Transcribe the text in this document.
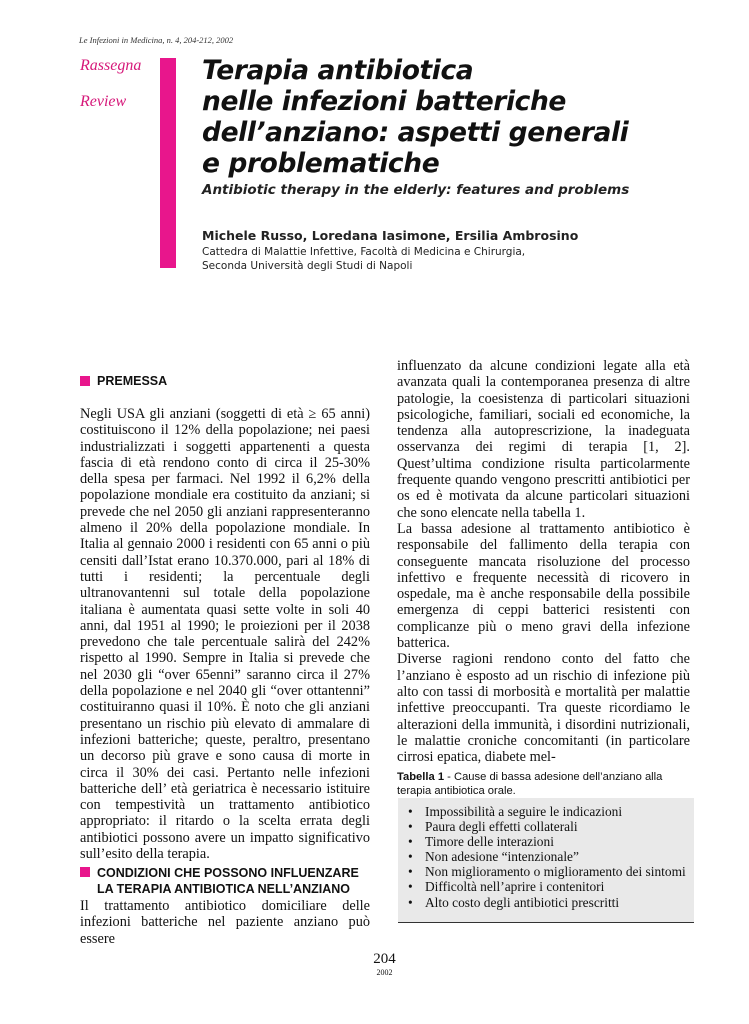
Le Infezioni in Medicina, n. 4, 204-212, 2002
Rassegna
Review
Terapia antibiotica
nelle infezioni batteriche
dell’anziano: aspetti generali
e problematiche
Antibiotic therapy in the elderly: features and problems
Michele Russo, Loredana Iasimone, Ersilia Ambrosino
Cattedra di Malattie Infettive, Facoltà di Medicina e Chirurgia,
Seconda Università degli Studi di Napoli
PREMESSA

Negli USA gli anziani (soggetti di età ≥ 65 anni) costituiscono il 12% della popolazione; nei paesi industrializzati i soggetti appartenenti a questa fascia di età rendono conto di circa il 25-30% della spesa per farmaci. Nel 1992 il 6,2% della popolazione mondiale era costituito da anziani; si prevede che nel 2050 gli anziani rappresenteranno almeno il 20% della popolazione mondiale. In Italia al gennaio 2000 i residenti con 65 anni o più censiti dall’Istat erano 10.370.000, pari al 18% di tutti i residenti; la percentuale degli ultranovantenni sul totale della popolazione italiana è aumentata quasi sette volte in soli 40 anni, dal 1951 al 1990; le proiezioni per il 2038 prevedono che tale percentuale salirà del 242% rispetto al 1990. Sempre in Italia si prevede che nel 2030 gli “over 65enni” saranno circa il 27% della popolazione e nel 2040 gli “over ottantenni” costituiranno quasi il 10%. È noto che gli anziani presentano un rischio più elevato di ammalare di infezioni batteriche; queste, peraltro, presentano un decorso più grave e sono causa di morte in circa il 30% dei casi. Pertanto nelle infezioni batteriche dell’ età geriatrica è necessario istituire con tempestività un trattamento antibiotico appropriato: il ritardo o la scelta errata degli antibiotici possono avere un impatto significativo sull’esito della terapia.

CONDIZIONI CHE POSSONO INFLUENZARE
LA TERAPIA ANTIBIOTICA NELL’ANZIANO

Il trattamento antibiotico domiciliare delle infezioni batteriche nel paziente anziano può essere

influenzato da alcune condizioni legate alla età avanzata quali la contemporanea presenza di altre patologie, la coesistenza di particolari situazioni psicologiche, familiari, sociali ed economiche, la tendenza alla autoprescrizione, la inadeguata osservanza dei regimi di terapia [1, 2]. Quest’ultima condizione risulta particolarmente frequente quando vengono prescritti antibiotici per os ed è motivata da alcune particolari situazioni che sono elencate nella tabella 1.

La bassa adesione al trattamento antibiotico è responsabile del fallimento della terapia con conseguente mancata risoluzione del processo infettivo e frequente necessità di ricovero in ospedale, ma è anche responsabile della possibile emergenza di ceppi batterici resistenti con complicanze più o meno gravi della infezione batterica.

Diverse ragioni rendono conto del fatto che l’anziano è esposto ad un rischio di infezione più alto con tassi di morbosità e mortalità per malattie infettive preoccupanti. Tra queste ricordiamo le alterazioni della immunità, i disordini nutrizionali, le malattie croniche concomitanti (in particolare cirrosi epatica, diabete mel-

Tabella 1 - Cause di bassa adesione dell’anziano alla terapia antibiotica orale.
• Impossibilità a seguire le indicazioni
• Paura degli effetti collaterali
• Timore delle interazioni
• Non adesione “intenzionale”
• Non miglioramento o miglioramento dei sintomi
• Difficoltà nell’aprire i contenitori
• Alto costo degli antibiotici prescritti
204
2002
